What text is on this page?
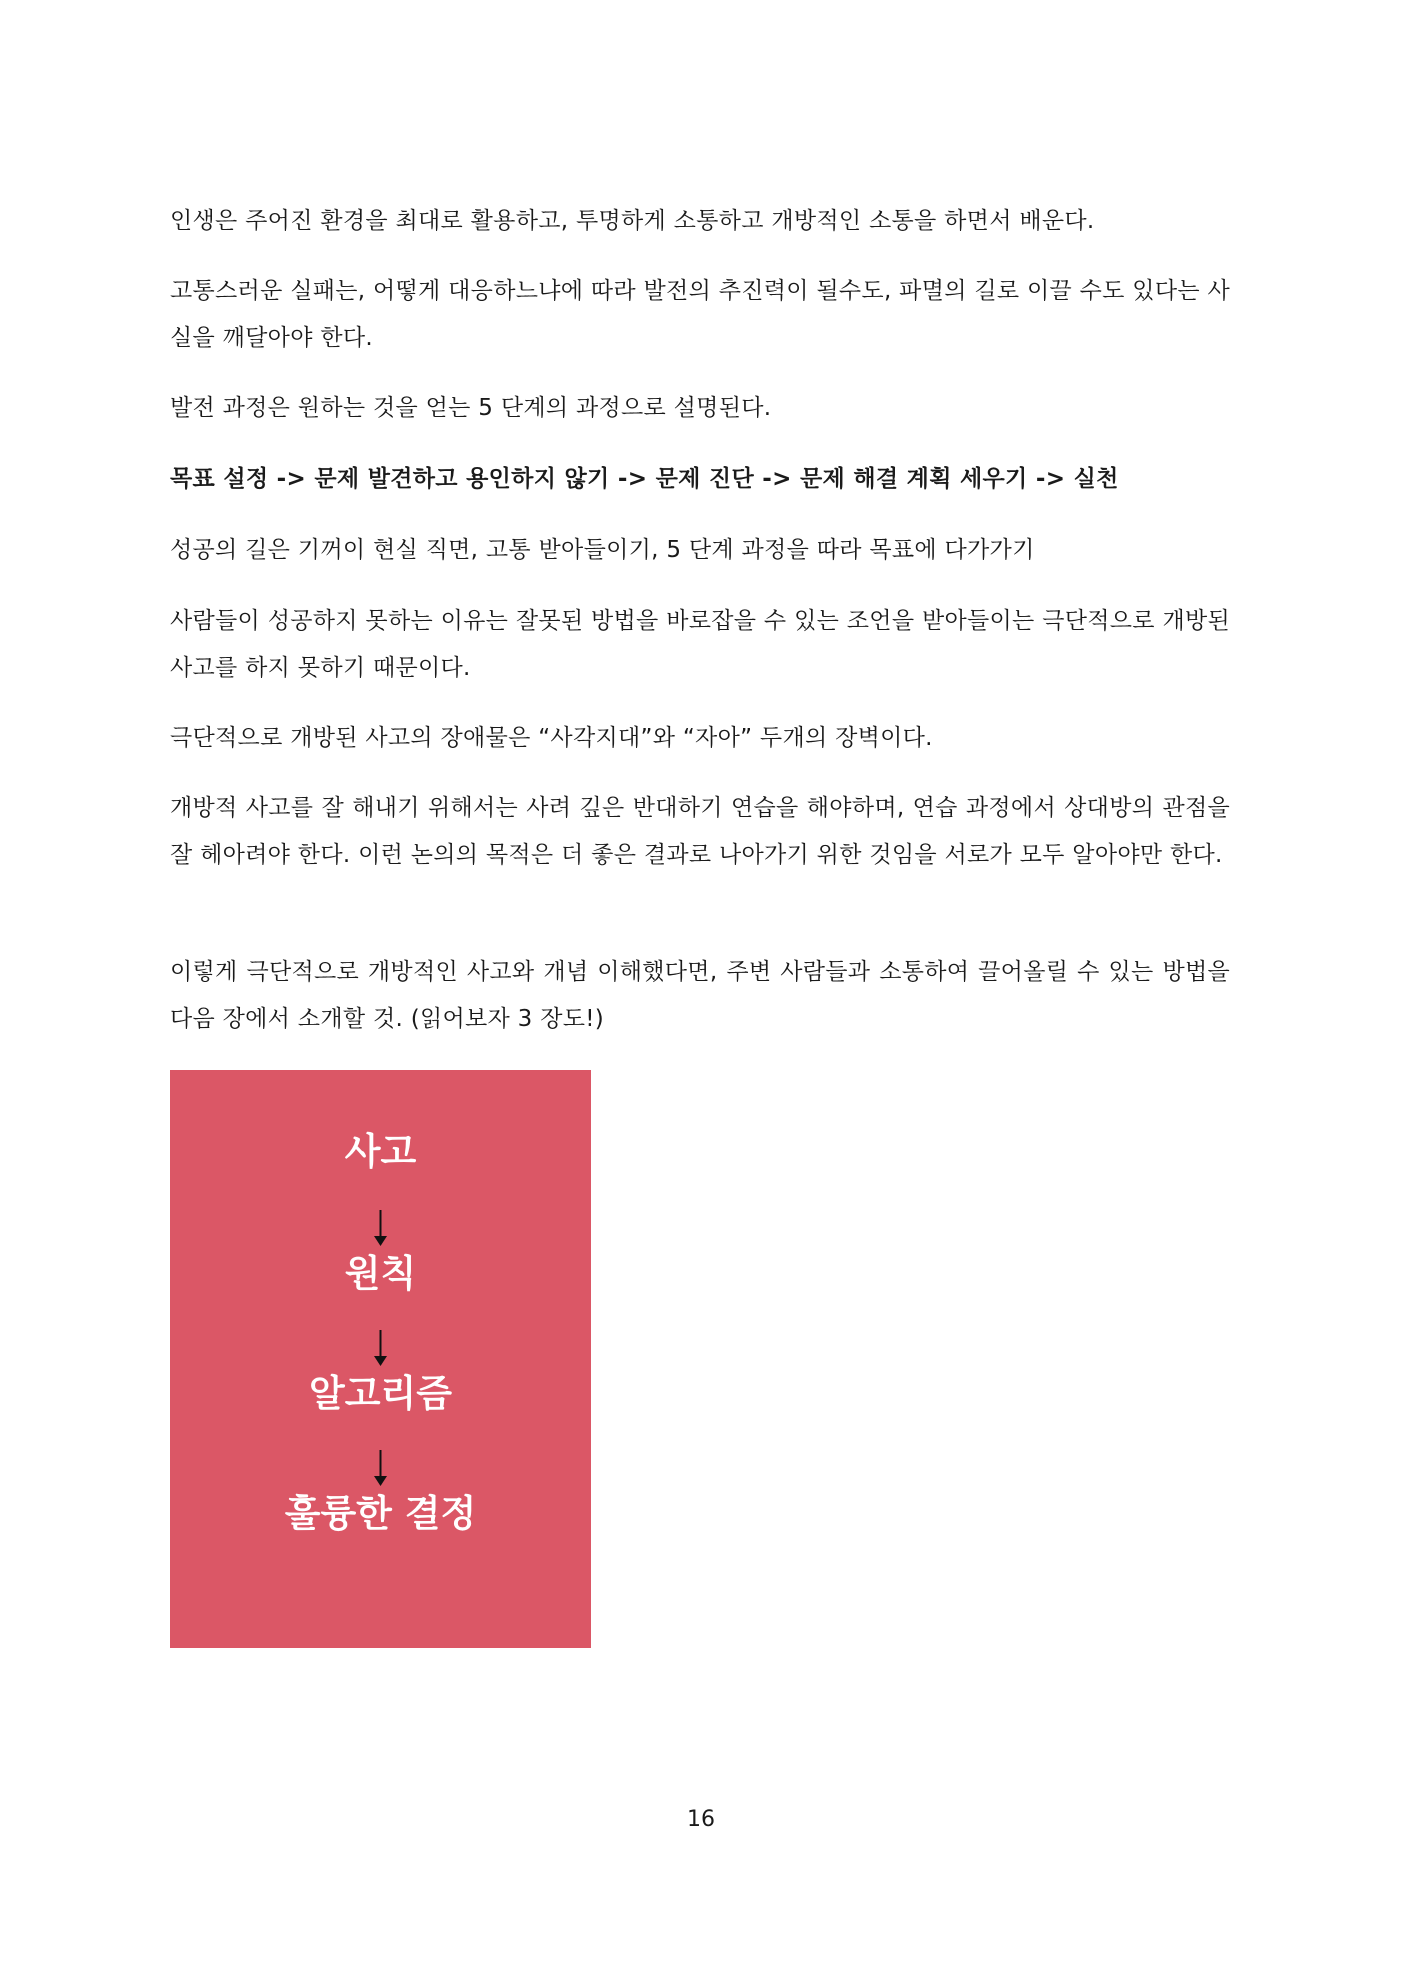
인생은 주어진 환경을 최대로 활용하고, 투명하게 소통하고 개방적인 소통을 하면서 배운다.

고통스러운 실패는, 어떻게 대응하느냐에 따라 발전의 추진력이 될수도, 파멸의 길로 이끌 수도 있다는 사실을 깨달아야 한다.

발전 과정은 원하는 것을 얻는 5 단계의 과정으로 설명된다.

목표 설정 -> 문제 발견하고 용인하지 않기 -> 문제 진단 -> 문제 해결 계획 세우기 -> 실천

성공의 길은 기꺼이 현실 직면, 고통 받아들이기, 5 단계 과정을 따라 목표에 다가가기

사람들이 성공하지 못하는 이유는 잘못된 방법을 바로잡을 수 있는 조언을 받아들이는 극단적으로 개방된 사고를 하지 못하기 때문이다.

극단적으로 개방된 사고의 장애물은 “사각지대”와 “자아” 두개의 장벽이다.

개방적 사고를 잘 해내기 위해서는 사려 깊은 반대하기 연습을 해야하며, 연습 과정에서 상대방의 관점을 잘 헤아려야 한다. 이런 논의의 목적은 더 좋은 결과로 나아가기 위한 것임을 서로가 모두 알아야만 한다.

이렇게 극단적으로 개방적인 사고와 개념 이해했다면, 주변 사람들과 소통하여 끌어올릴 수 있는 방법을 다음 장에서 소개할 것. (읽어보자 3 장도!)

사고
원칙
알고리즘
훌륭한 결정
16
